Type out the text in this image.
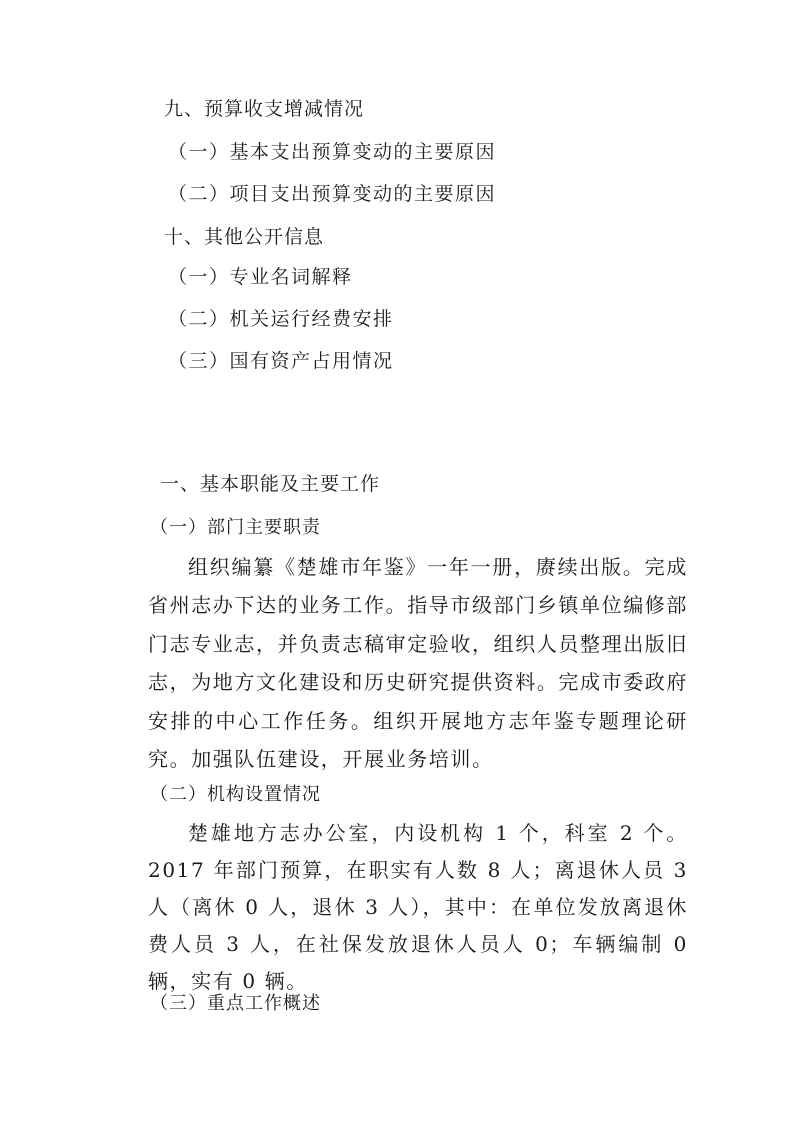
九、预算收支增减情况
（一）基本支出预算变动的主要原因
（二）项目支出预算变动的主要原因
十、其他公开信息
（一）专业名词解释
（二）机关运行经费安排
（三）国有资产占用情况
一、基本职能及主要工作
（一）部门主要职责
组织编纂《楚雄市年鉴》一年一册，赓续出版。完成省州志办下达的业务工作。指导市级部门乡镇单位编修部门志专业志，并负责志稿审定验收，组织人员整理出版旧志，为地方文化建设和历史研究提供资料。完成市委政府安排的中心工作任务。组织开展地方志年鉴专题理论研究。加强队伍建设，开展业务培训。
（二）机构设置情况
楚雄地方志办公室，内设机构 1 个，科室 2 个。2017 年部门预算，在职实有人数 8 人；离退休人员 3 人（离休 0 人，退休 3 人），其中：在单位发放离退休费人员 3 人，在社保发放退休人员人 0；车辆编制 0 辆，实有 0 辆。
（三）重点工作概述
